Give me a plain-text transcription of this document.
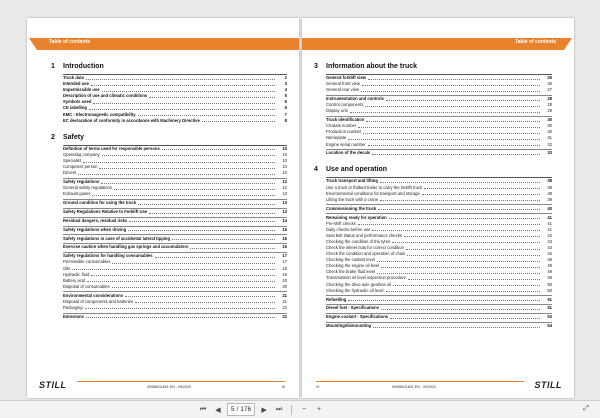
Table of contents
1	Introduction
Truck data	2
Intended use	3
Impermissible use	4
Description of use and climatic conditions	5
Symbols used	5
CE labelling	6
EMC - Electromagnetic compatibility	7
EC declaration of conformity in accordance with Machinery Directive	8
2	Safety
Definition of terms used for responsible persons	10
Operating company	10
Specialist	10
Competent person	10
Drivers	10
Safety regulations	12
General safety regulations	12
Exhaust gases	13
Ground condition for using the truck	13
Safety Regulations Relative to Forklift Use	13
Residual dangers, residual risks	14
Safety regulations when driving	15
Safety regulations in case of accidental lateral tipping	16
Exercise caution when handling gas springs and accumulators	16
Safety regulations for handling consumables	17
Permissible consumables	17
Oils	18
Hydraulic fluid	19
Battery acid	20
Disposal of consumables	20
Environmental considerations	21
Disposal of components and batteries	21
Packaging	22
Emissions	22
STILL	50988011601 EN - 09/2020	III
Table of contents
3	Information about the truck
General forklift view	26
General front view	26
General rear view	27
Instrumentation and controls	28
Control components	28
Display unit	29
Truck identification	30
Chassis number	30
Production number	30
Nameplate	31
Engine serial number	32
Location of the decals	33
4	Use and operation
Truck transport and lifting	38
Use a truck or flatbed trailer to carry the forklift truck	38
Environmental conditions for transport and storage	38
Lifting the truck with a crane	39
Commissioning the truck	40
Remaining ready for operation	41
Pre-shift checks	41
Daily checks before use	41
Seat belt status and performance checks	42
Checking the condition of the tyres	43
Check the wheel nuts for correct condition	44
Check the condition and operation of chain	45
Checking the coolant level	46
Checking the engine oil level	48
Check the brake fluid level	49
Transmission oil level inspection procedure	49
Checking the drive axle gearbox oil	50
Checking the hydraulic oil level	50
Refuelling	51
Diesel fuel - Specifications	51
Engine coolant - Specifications	53
Mounting/dismounting	54
IV	50988011601 EN - 09/2020	STILL
⏮	◀	5 / 176	▶	⏭	−	+	⤢
